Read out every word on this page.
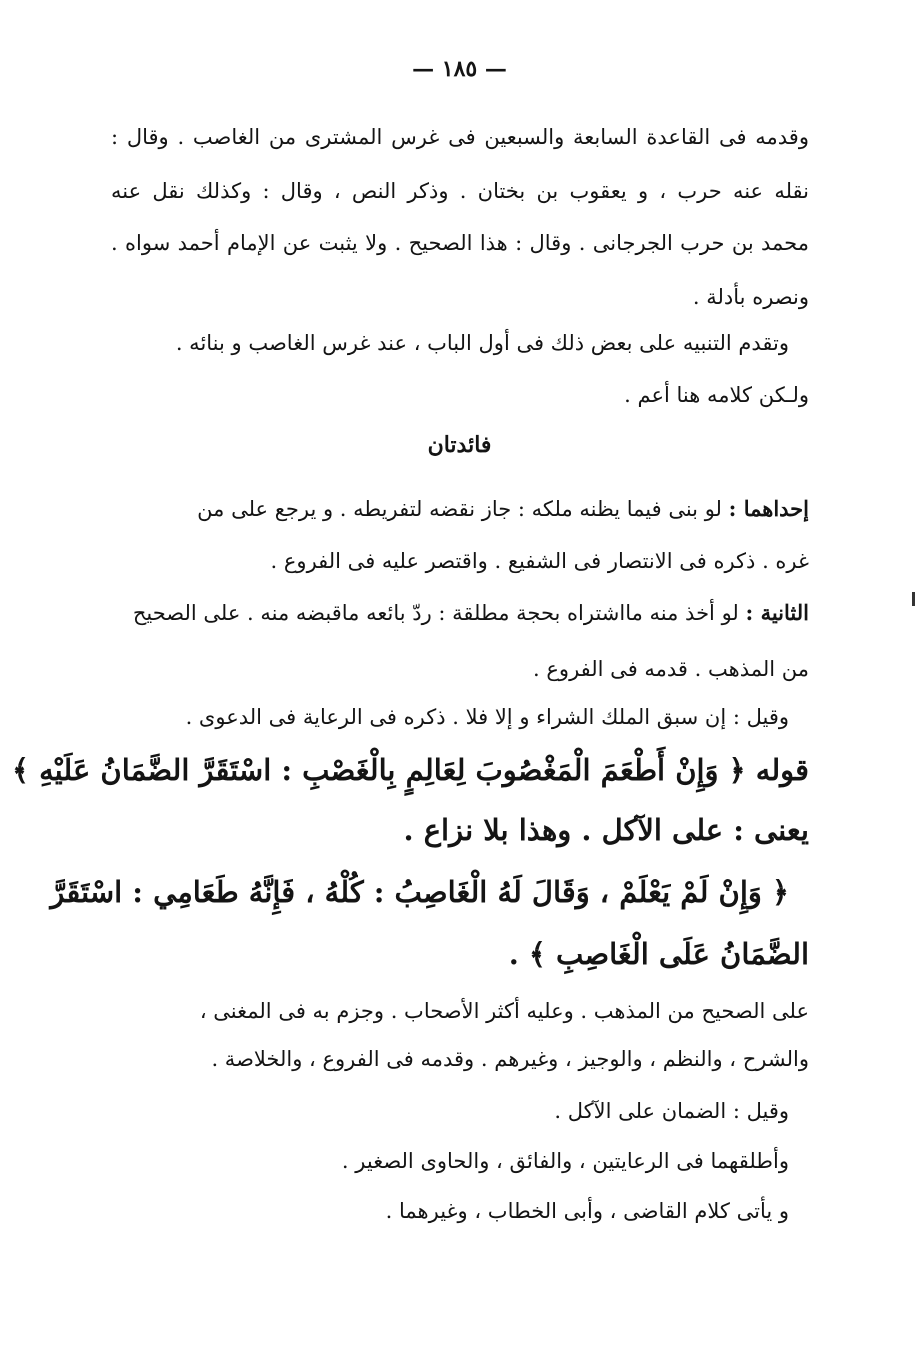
— ١٨٥ —
وقدمه فى القاعدة السابعة والسبعين فى غرس المشترى من الغاصب . وقال :
نقله عنه حرب ، و يعقوب بن بختان . وذكر النص ، وقال : وكذلك نقل عنه
محمد بن حرب الجرجانى . وقال : هذا الصحيح . ولا يثبت عن الإمام أحمد سواه .
ونصره بأدلة .
وتقدم التنبيه على بعض ذلك فى أول الباب ، عند غرس الغاصب و بنائه .
ولـكن كلامه هنا أعم .
فائدتان
إحداهما : لو بنى فيما يظنه ملكه : جاز نقضه لتفريطه . و يرجع على من
غره . ذكره فى الانتصار فى الشفيع . واقتصر عليه فى الفروع .
الثانية : لو أخذ منه مااشتراه بحجة مطلقة : ردّ بائعه ماقبضه منه . على الصحيح
من المذهب . قدمه فى الفروع .
وقيل : إن سبق الملك الشراء و إلا فلا . ذكره فى الرعاية فى الدعوى .
قوله ﴿ وَإِنْ أَطْعَمَ الْمَغْصُوبَ لِعَالِمٍ بِالْغَصْبِ : اسْتَقَرَّ الضَّمَانُ عَلَيْهِ ﴾
يعنى : على الآكل . وهذا بلا نزاع .
﴿ وَإِنْ لَمْ يَعْلَمْ ، وَقَالَ لَهُ الْغَاصِبُ : كُلْهُ ، فَإِنَّهُ طَعَامِي : اسْتَقَرَّ
الضَّمَانُ عَلَى الْغَاصِبِ ﴾ .
على الصحيح من المذهب . وعليه أكثر الأصحاب . وجزم به فى المغنى ،
والشرح ، والنظم ، والوجيز ، وغيرهم . وقدمه فى الفروع ، والخلاصة .
وقيل : الضمان على الآكل .
وأطلقهما فى الرعايتين ، والفائق ، والحاوى الصغير .
و يأتى كلام القاضى ، وأبى الخطاب ، وغيرهما .
